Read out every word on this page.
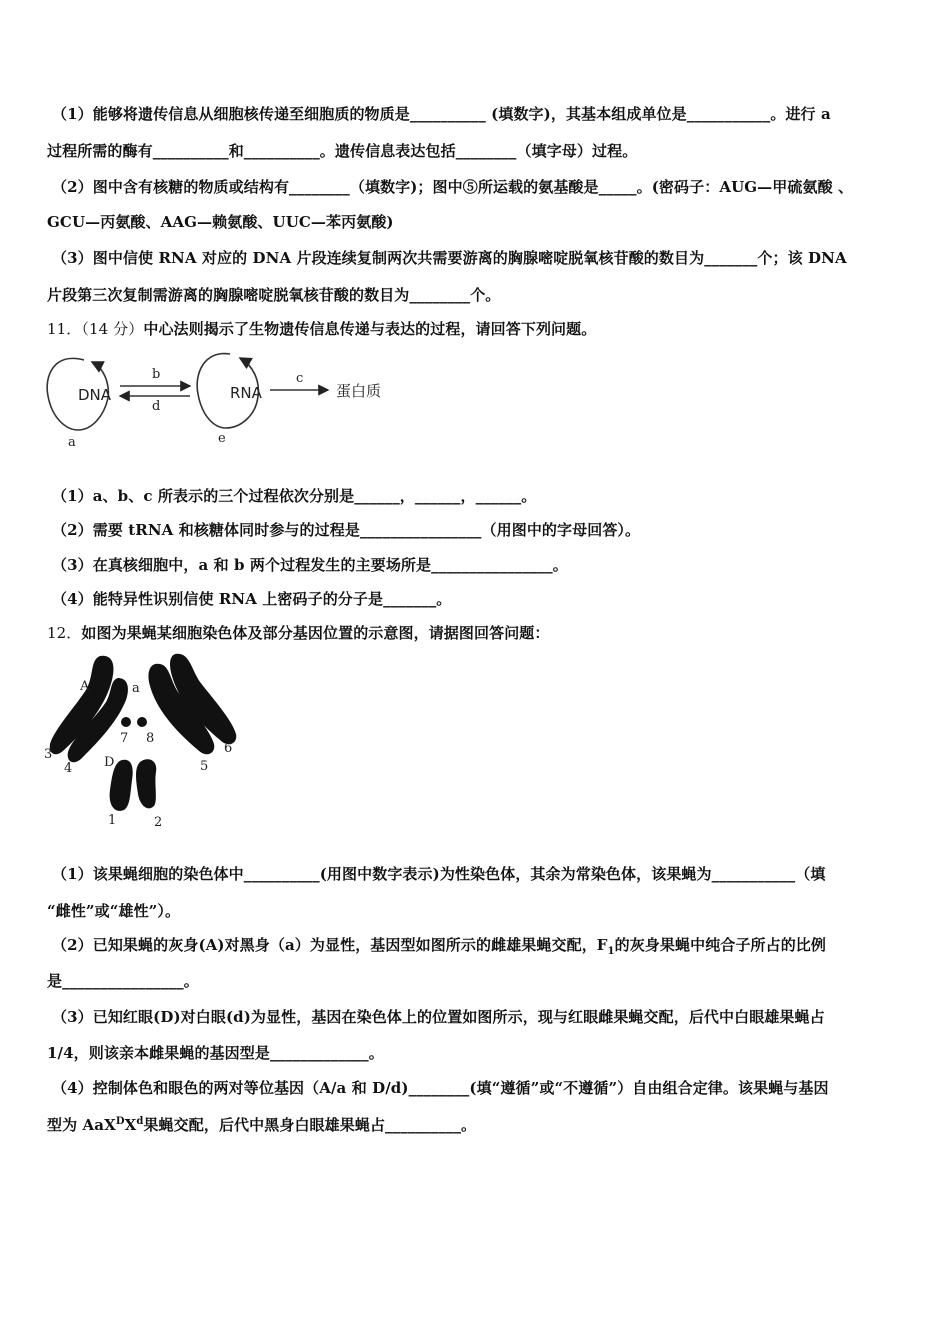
（1）能够将遗传信息从细胞核传递至细胞质的物质是__________ (填数字)，其基本组成单位是___________。进行 a
过程所需的酶有__________和__________。遗传信息表达包括________（填字母）过程。
（2）图中含有核糖的物质或结构有________（填数字)；图中⑤所运载的氨基酸是_____。(密码子：AUG—甲硫氨酸 、
GCU—丙氨酸、AAG—赖氨酸、UUC—苯丙氨酸)
（3）图中信使 RNA 对应的 DNA 片段连续复制两次共需要游离的胸腺嘧啶脱氧核苷酸的数目为_______个；该 DNA
片段第三次复制需游离的胸腺嘧啶脱氧核苷酸的数目为________个。
11．（14 分）中心法则揭示了生物遗传信息传递与表达的过程，请回答下列问题。
DNA
a
b
d
RNA
e
c
蛋白质
（1）a、b、c 所表示的三个过程依次分别是______，______，______。
（2）需要 tRNA 和核糖体同时参与的过程是________________（用图中的字母回答）。
（3）在真核细胞中，a 和 b 两个过程发生的主要场所是________________。
（4）能特异性识别信使 RNA 上密码子的分子是_______。
12．如图为果蝇某细胞染色体及部分基因位置的示意图，请据图回答问题：
A	a
D
3
4
7 8
5
6
1	2
（1）该果蝇细胞的染色体中__________(用图中数字表示)为性染色体，其余为常染色体，该果蝇为___________（填
“雌性”或“雄性”）。
（2）已知果蝇的灰身(A)对黑身（a）为显性，基因型如图所示的雌雄果蝇交配，$F_1$的灰身果蝇中纯合子所占的比例
是________________。
（3）已知红眼(D)对白眼(d)为显性，基因在染色体上的位置如图所示，现与红眼雌果蝇交配，后代中白眼雄果蝇占
1/4，则该亲本雌果蝇的基因型是_____________。
（4）控制体色和眼色的两对等位基因（A/a 和 D/d)________(填“遵循”或“不遵循”）自由组合定律。该果蝇与基因
型为 $AaX^DX^d$果蝇交配，后代中黑身白眼雄果蝇占__________。
